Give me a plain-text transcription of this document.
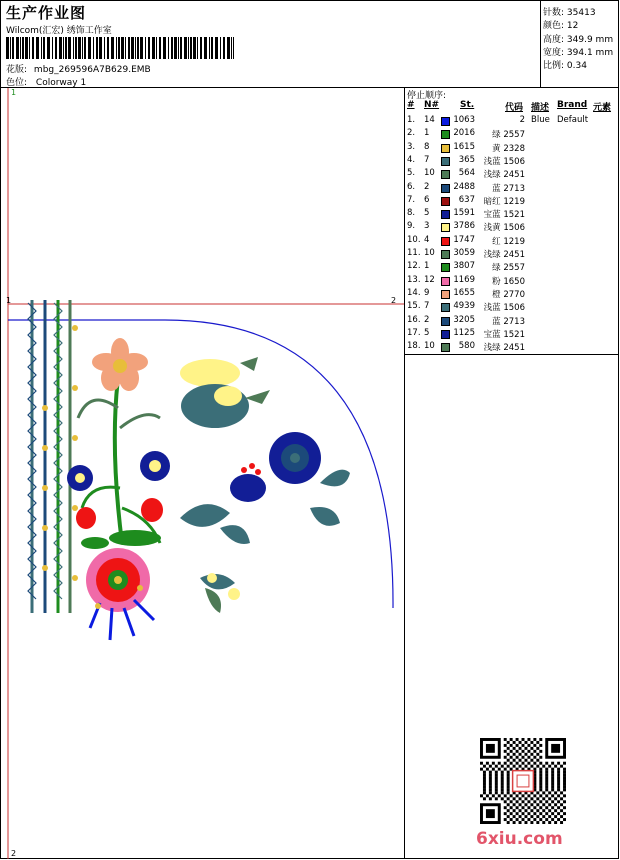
生产作业图
Wilcom(汇宏) 绣饰工作室
花版: mbg_269596A7B629.EMB
色位: Colorway 1
针数: 35413
颜色: 12
高度: 349.9 mm
宽度: 394.1 mm
比例: 0.34
1
1	2
2
停止顺序:
# N# St.	代码 描述 Brand 元素
1. 14 1063	2 Blue Default
2. 1	2016	绿 2557
3. 8	1615	黄 2328
4. 7	365	浅蓝 1506
5. 10	564	浅绿 2451
6. 2	2488	蓝 2713
7. 6	637	暗红 1219
8. 5	1591	宝蓝 1521
9. 3	3786	浅黄 1506
10. 4	1747	红 1219
11. 10 3059	浅绿 2451
12. 1	3807	绿 2557
13. 12 1169	粉 1650
14. 9	1655	橙 2770
15. 7	4939	浅蓝 1506
16. 2	3205	蓝 2713
17. 5	1125	宝蓝 1521
18. 10	580	浅绿 2451
6xiu.com
